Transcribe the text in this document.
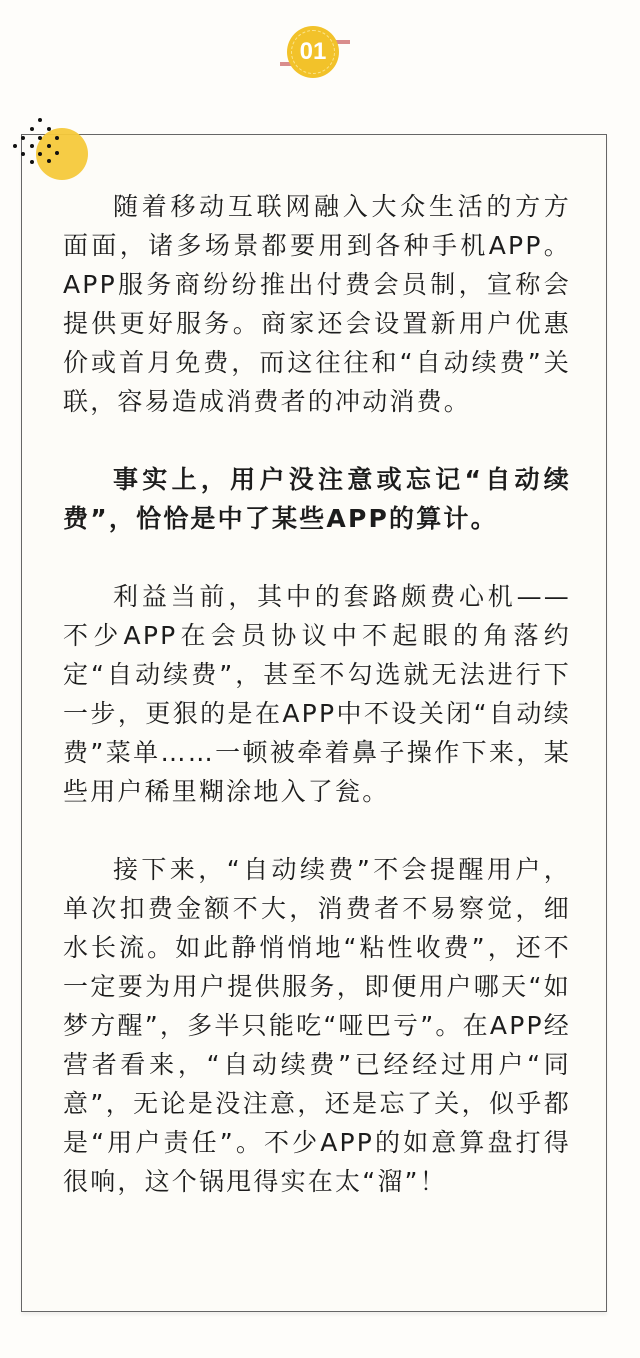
01

随着移动互联网融入大众生活的方方面面，诸多场景都要用到各种手机APP。APP服务商纷纷推出付费会员制，宣称会提供更好服务。商家还会设置新用户优惠价或首月免费，而这往往和“自动续费”关联，容易造成消费者的冲动消费。

事实上，用户没注意或忘记“自动续费”，恰恰是中了某些APP的算计。

利益当前，其中的套路颇费心机——不少APP在会员协议中不起眼的角落约定“自动续费”，甚至不勾选就无法进行下一步，更狠的是在APP中不设关闭“自动续费”菜单……一顿被牵着鼻子操作下来，某些用户稀里糊涂地入了瓮。

接下来，“自动续费”不会提醒用户，单次扣费金额不大，消费者不易察觉，细水长流。如此静悄悄地“粘性收费”，还不一定要为用户提供服务，即便用户哪天“如梦方醒”，多半只能吃“哑巴亏”。在APP经营者看来，“自动续费”已经经过用户“同意”，无论是没注意，还是忘了关，似乎都是“用户责任”。不少APP的如意算盘打得很响，这个锅甩得实在太“溜”！
